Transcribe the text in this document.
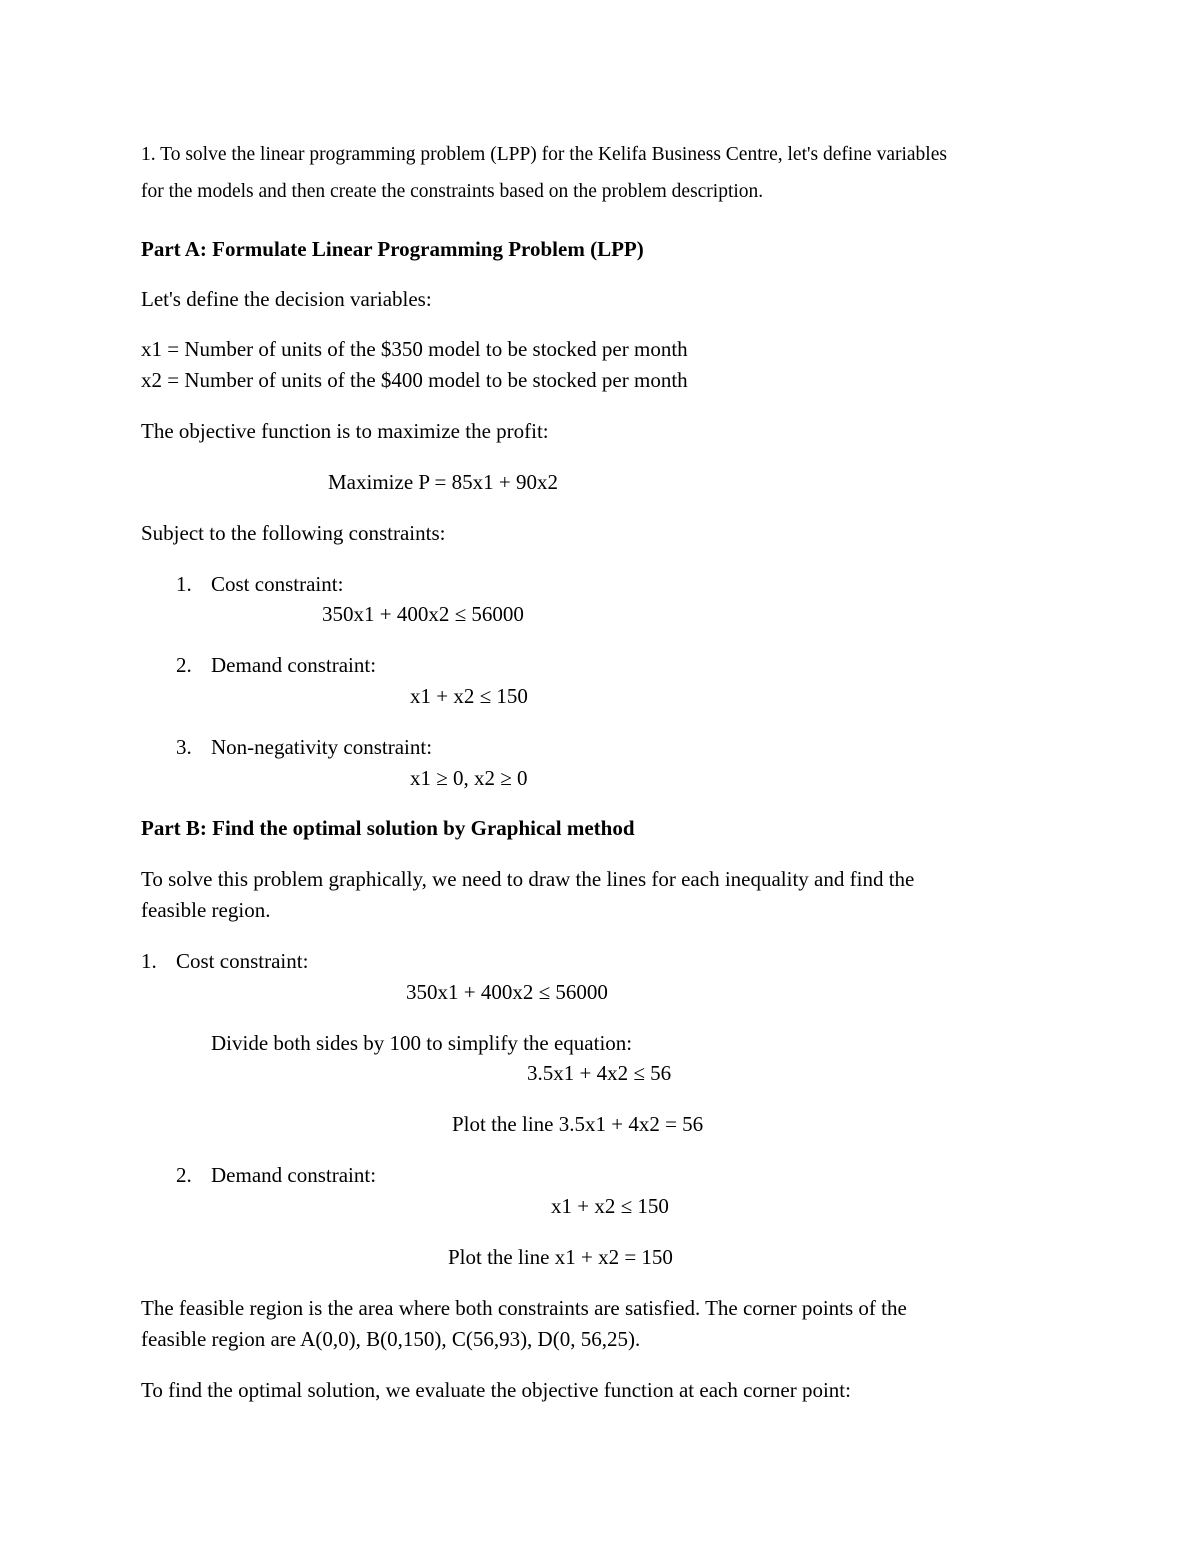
1. To solve the linear programming problem (LPP) for the Kelifa Business Centre, let's define variables

for the models and then create the constraints based on the problem description.

Part A: Formulate Linear Programming Problem (LPP)

Let's define the decision variables:

x1 = Number of units of the $350 model to be stocked per month

x2 = Number of units of the $400 model to be stocked per month

The objective function is to maximize the profit:

Maximize P = 85x1 + 90x2

Subject to the following constraints:

1. Cost constraint:

350x1 + 400x2 ≤ 56000

2. Demand constraint:

x1 + x2 ≤ 150

3. Non-negativity constraint:

x1 ≥ 0, x2 ≥ 0

Part B: Find the optimal solution by Graphical method

To solve this problem graphically, we need to draw the lines for each inequality and find the

feasible region.

1. Cost constraint:

350x1 + 400x2 ≤ 56000

Divide both sides by 100 to simplify the equation:

3.5x1 + 4x2 ≤ 56

Plot the line 3.5x1 + 4x2 = 56

2. Demand constraint:

x1 + x2 ≤ 150

Plot the line x1 + x2 = 150

The feasible region is the area where both constraints are satisfied. The corner points of the

feasible region are A(0,0), B(0,150), C(56,93), D(0, 56,25).

To find the optimal solution, we evaluate the objective function at each corner point:
